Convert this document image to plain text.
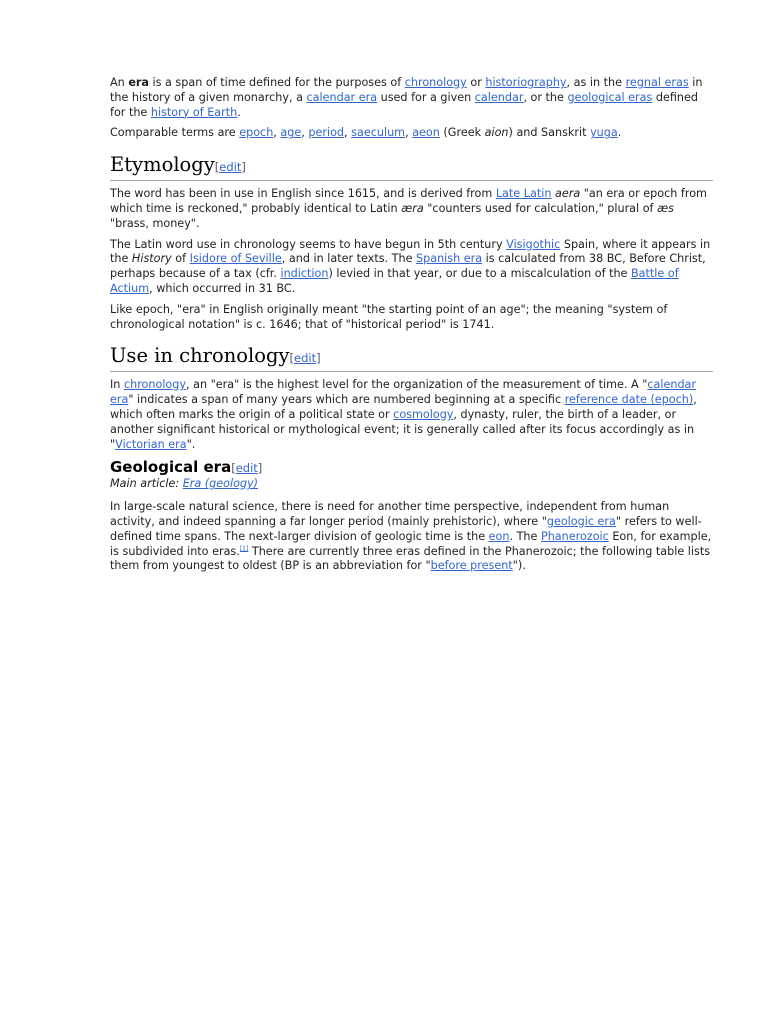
An era is a span of time defined for the purposes of chronology or historiography, as in the regnal eras in the history of a given monarchy, a calendar era used for a given calendar, or the geological eras defined for the history of Earth.

Comparable terms are epoch, age, period, saeculum, aeon (Greek aion) and Sanskrit yuga.

Etymology[edit]

The word has been in use in English since 1615, and is derived from Late Latin aera "an era or epoch from which time is reckoned," probably identical to Latin æra "counters used for calculation," plural of æs "brass, money".

The Latin word use in chronology seems to have begun in 5th century Visigothic Spain, where it appears in the History of Isidore of Seville, and in later texts. The Spanish era is calculated from 38 BC, Before Christ, perhaps because of a tax (cfr. indiction) levied in that year, or due to a miscalculation of the Battle of Actium, which occurred in 31 BC.

Like epoch, "era" in English originally meant "the starting point of an age"; the meaning "system of chronological notation" is c. 1646; that of "historical period" is 1741.

Use in chronology[edit]

In chronology, an "era" is the highest level for the organization of the measurement of time. A "calendar era" indicates a span of many years which are numbered beginning at a specific reference date (epoch), which often marks the origin of a political state or cosmology, dynasty, ruler, the birth of a leader, or another significant historical or mythological event; it is generally called after its focus accordingly as in "Victorian era".

Geological era[edit]
Main article: Era (geology)

In large-scale natural science, there is need for another time perspective, independent from human activity, and indeed spanning a far longer period (mainly prehistoric), where "geologic era" refers to well-defined time spans. The next-larger division of geologic time is the eon. The Phanerozoic Eon, for example, is subdivided into eras.[1] There are currently three eras defined in the Phanerozoic; the following table lists them from youngest to oldest (BP is an abbreviation for "before present").
